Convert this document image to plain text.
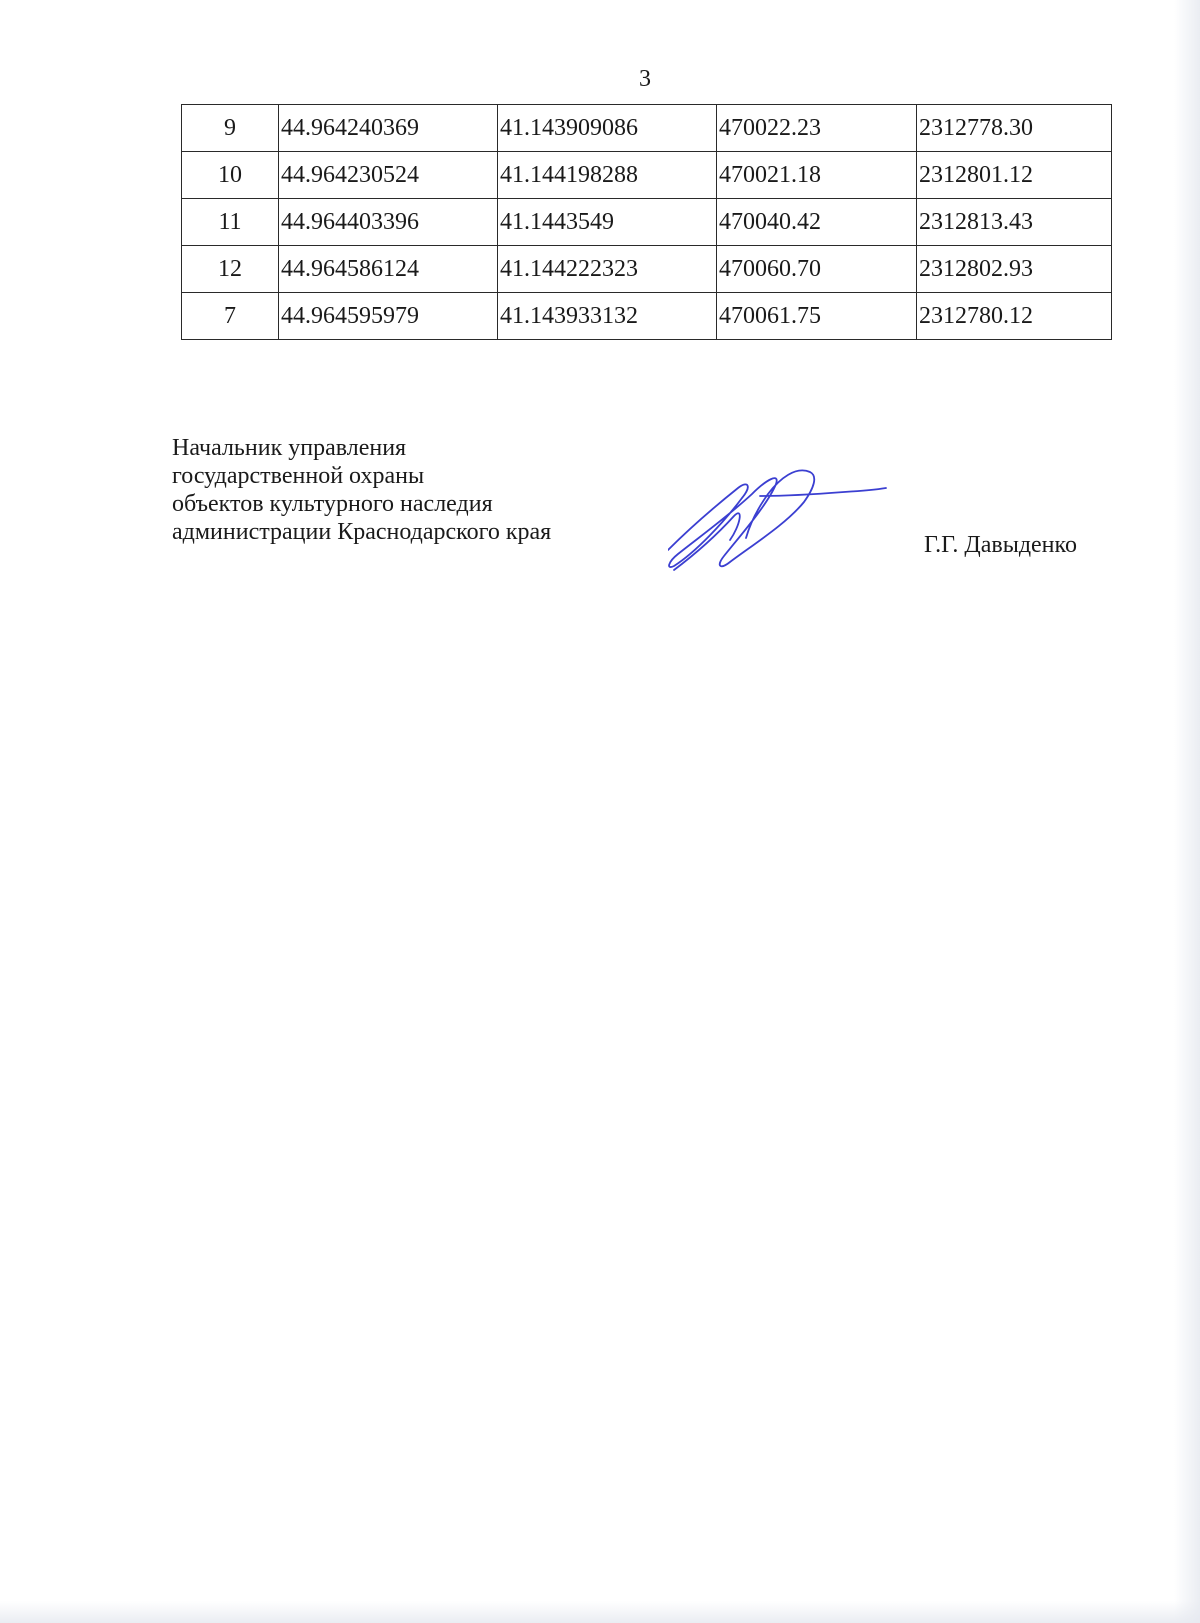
3
9	44.964240369	41.143909086	470022.23	2312778.30
10	44.964230524	41.144198288	470021.18	2312801.12
11	44.964403396	41.1443549	470040.42	2312813.43
12	44.964586124	41.144222323	470060.70	2312802.93
7	44.964595979	41.143933132	470061.75	2312780.12
Начальник управления
государственной охраны
объектов культурного наследия
администрации Краснодарского края	Г.Г. Давыденко
